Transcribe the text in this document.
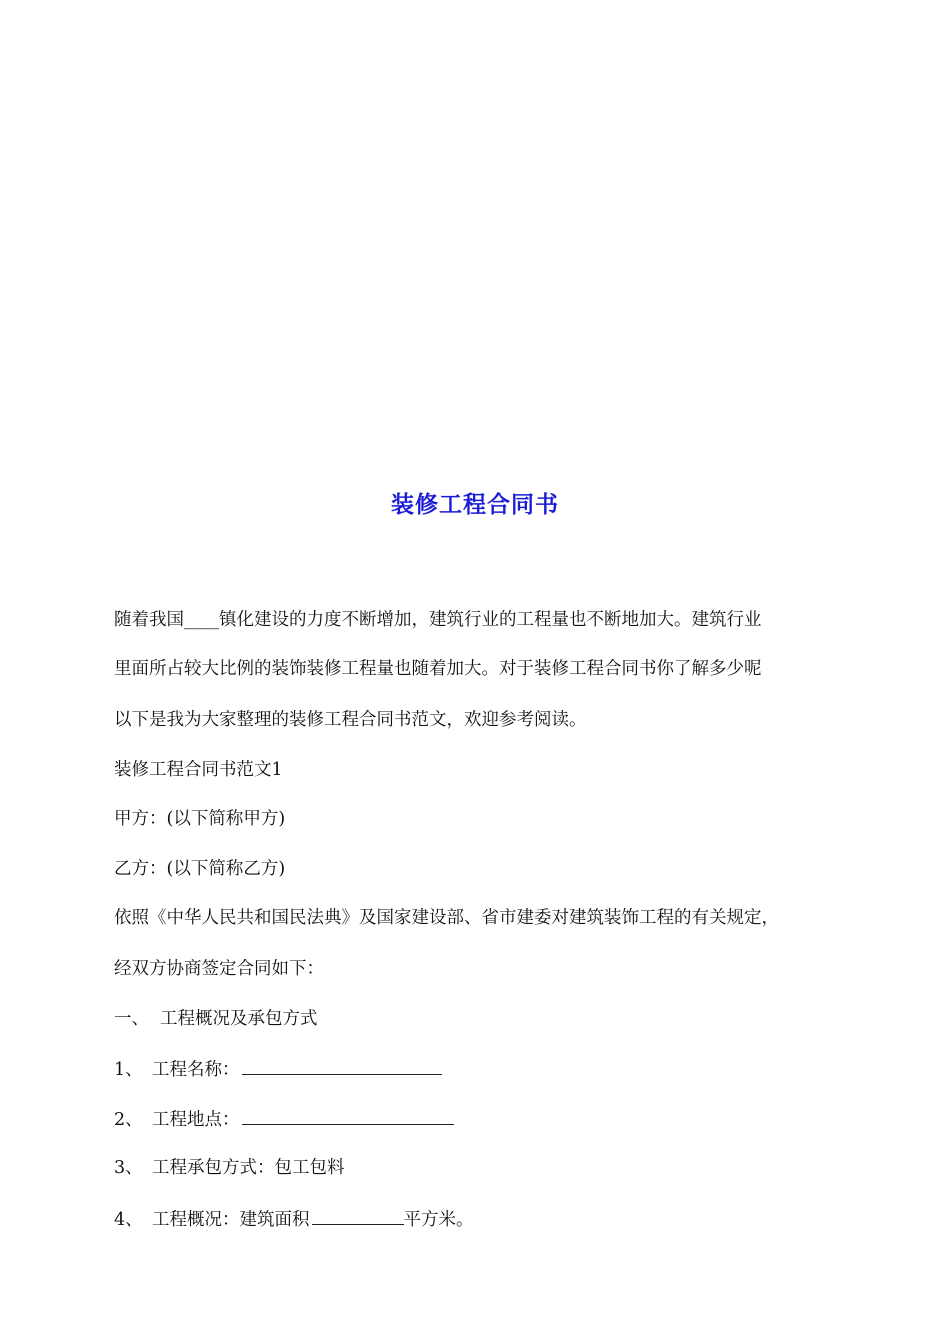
装修工程合同书
随着我国____镇化建设的力度不断增加，建筑行业的工程量也不断地加大。建筑行业
里面所占较大比例的装饰装修工程量也随着加大。对于装修工程合同书你了解多少呢
以下是我为大家整理的装修工程合同书范文，欢迎参考阅读。
装修工程合同书范文1
甲方：(以下简称甲方)
乙方：(以下简称乙方)
依照《中华人民共和国民法典》及国家建设部、省市建委对建筑装饰工程的有关规定，
经双方协商签定合同如下：
一、 工程概况及承包方式
1、 工程名称：
2、 工程地点：
3、 工程承包方式：包工包料
4、 工程概况：建筑面积	平方米。
